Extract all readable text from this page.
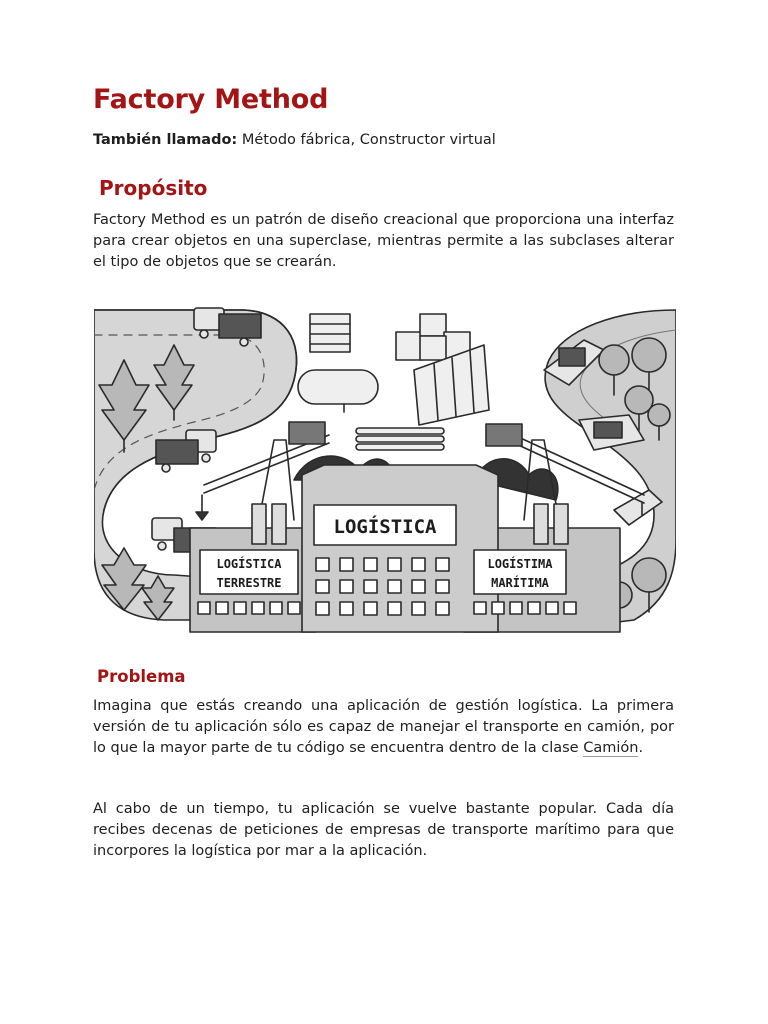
Factory Method

También llamado: Método fábrica, Constructor virtual

Propósito

Factory Method es un patrón de diseño creacional que proporciona una interfaz para crear objetos en una superclase, mientras permite a las subclases alterar el tipo de objetos que se crearán.

Problema

Imagina que estás creando una aplicación de gestión logística. La primera versión de tu aplicación sólo es capaz de manejar el transporte en camión, por lo que la mayor parte de tu código se encuentra dentro de la clase Camión.

Al cabo de un tiempo, tu aplicación se vuelve bastante popular. Cada día recibes decenas de peticiones de empresas de transporte marítimo para que incorpores la logística por mar a la aplicación.

LOGÍSTICA
LOGÍSTICA
TERRESTRE
LOGÍSTIMA
MARÍTIMA
